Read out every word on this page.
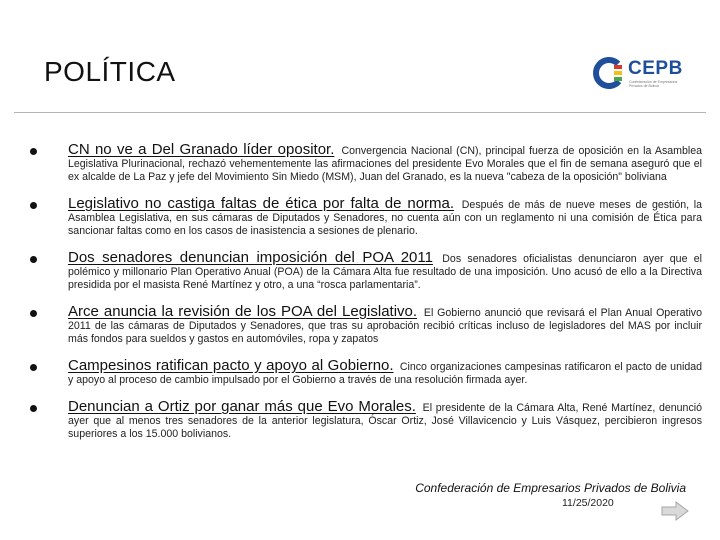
POLÍTICA	CEPB
Confederación de Empresarios Privados de Bolivia

CN no ve a Del Granado líder opositor. Convergencia Nacional (CN), principal fuerza de oposición en la Asamblea Legislativa Plurinacional, rechazó vehementemente las afirmaciones del presidente Evo Morales que el fin de semana aseguró que el ex alcalde de La Paz y jefe del Movimiento Sin Miedo (MSM), Juan del Granado, es la nueva "cabeza de la oposición" boliviana

Legislativo no castiga faltas de ética por falta de norma. Después de más de nueve meses de gestión, la Asamblea Legislativa, en sus cámaras de Diputados y Senadores, no cuenta aún con un reglamento ni una comisión de Ética para sancionar faltas como en los casos de inasistencia a sesiones de plenario.

Dos senadores denuncian imposición del POA 2011 Dos senadores oficialistas denunciaron ayer que el polémico y millonario Plan Operativo Anual (POA) de la Cámara Alta fue resultado de una imposición. Uno acusó de ello a la Directiva presidida por el masista René Martínez y otro, a una “rosca parlamentaria”.

Arce anuncia la revisión de los POA del Legislativo. El Gobierno anunció que revisará el Plan Anual Operativo 2011 de las cámaras de Diputados y Senadores, que tras su aprobación recibió críticas incluso de legisladores del MAS por incluir más fondos para sueldos y gastos en automóviles, ropa y zapatos

Campesinos ratifican pacto y apoyo al Gobierno. Cinco organizaciones campesinas ratificaron el pacto de unidad y apoyo al proceso de cambio impulsado por el Gobierno a través de una resolución firmada ayer.

Denuncian a Ortiz por ganar más que Evo Morales. El presidente de la Cámara Alta, René Martínez, denunció ayer que al menos tres senadores de la anterior legislatura, Óscar Ortiz, José Villavicencio y Luis Vásquez, percibieron ingresos superiores a los 15.000 bolivianos.

Confederación de Empresarios Privados de Bolivia
11/25/2020
